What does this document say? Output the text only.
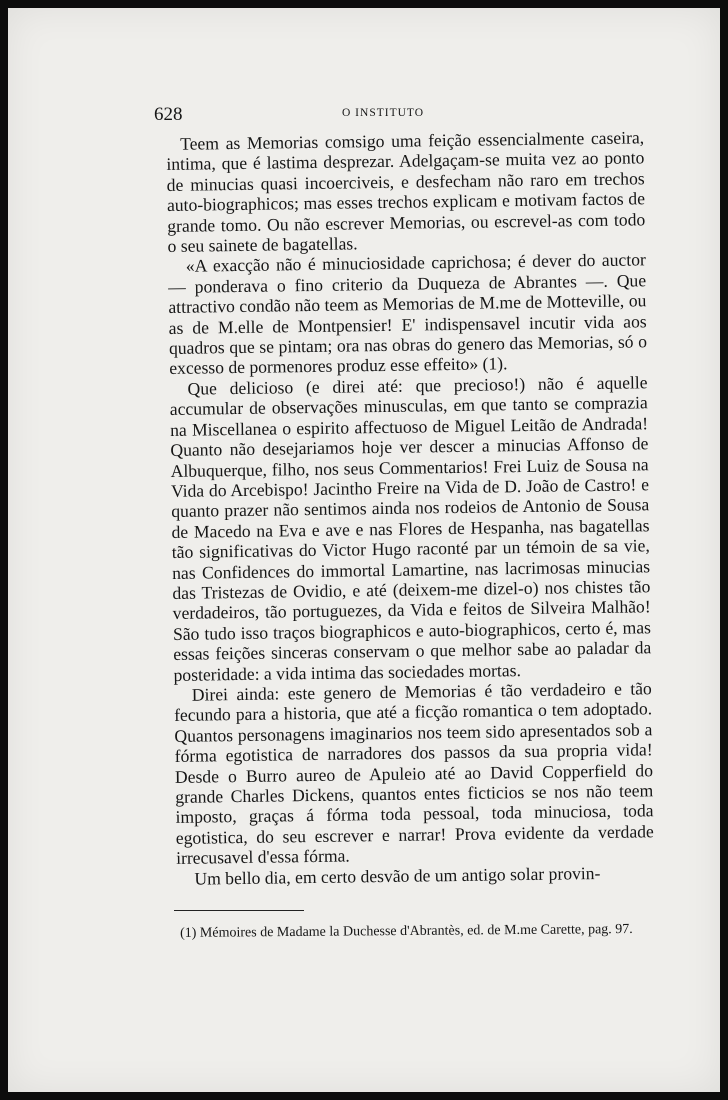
628	O INSTITUTO

Teem as Memorias comsigo uma feição essencialmente caseira, intima, que é lastima desprezar. Adelgaçam-se muita vez ao ponto de minucias quasi incoerciveis, e desfecham não raro em trechos auto-biographicos; mas esses trechos explicam e motivam factos de grande tomo. Ou não escrever Memorias, ou escrevel-as com todo o seu sainete de bagatellas.

«A exacção não é minuciosidade caprichosa; é dever do auctor — ponderava o fino criterio da Duqueza de Abrantes —. Que attractivo condão não teem as Memorias de M.me de Motteville, ou as de M.elle de Montpensier! E' indispensavel incutir vida aos quadros que se pintam; ora nas obras do genero das Memorias, só o excesso de pormenores produz esse effeito» (1).

Que delicioso (e direi até: que precioso!) não é aquelle accumular de observações minusculas, em que tanto se comprazia na Miscellanea o espirito affectuoso de Miguel Leitão de Andrada! Quanto não desejariamos hoje ver descer a minucias Affonso de Albuquerque, filho, nos seus Commentarios! Frei Luiz de Sousa na Vida do Arcebispo! Jacintho Freire na Vida de D. João de Castro! e quanto prazer não sentimos ainda nos rodeios de Antonio de Sousa de Macedo na Eva e ave e nas Flores de Hespanha, nas bagatellas tão significativas do Victor Hugo raconté par un témoin de sa vie, nas Confidences do immortal Lamartine, nas lacrimosas minucias das Tristezas de Ovidio, e até (deixem-me dizel-o) nos chistes tão verdadeiros, tão portuguezes, da Vida e feitos de Silveira Malhão! São tudo isso traços biographicos e auto-biographicos, certo é, mas essas feições sinceras conservam o que melhor sabe ao paladar da posteridade: a vida intima das sociedades mortas.

Direi ainda: este genero de Memorias é tão verdadeiro e tão fecundo para a historia, que até a ficção romantica o tem adoptado. Quantos personagens imaginarios nos teem sido apresentados sob a fórma egotistica de narradores dos passos da sua propria vida! Desde o Burro aureo de Apuleio até ao David Copperfield do grande Charles Dickens, quantos entes ficticios se nos não teem imposto, graças á fórma toda pessoal, toda minuciosa, toda egotistica, do seu escrever e narrar! Prova evidente da verdade irrecusavel d'essa fórma.

Um bello dia, em certo desvão de um antigo solar provin-

(1) Mémoires de Madame la Duchesse d'Abrantès, ed. de M.me Carette, pag. 97.
